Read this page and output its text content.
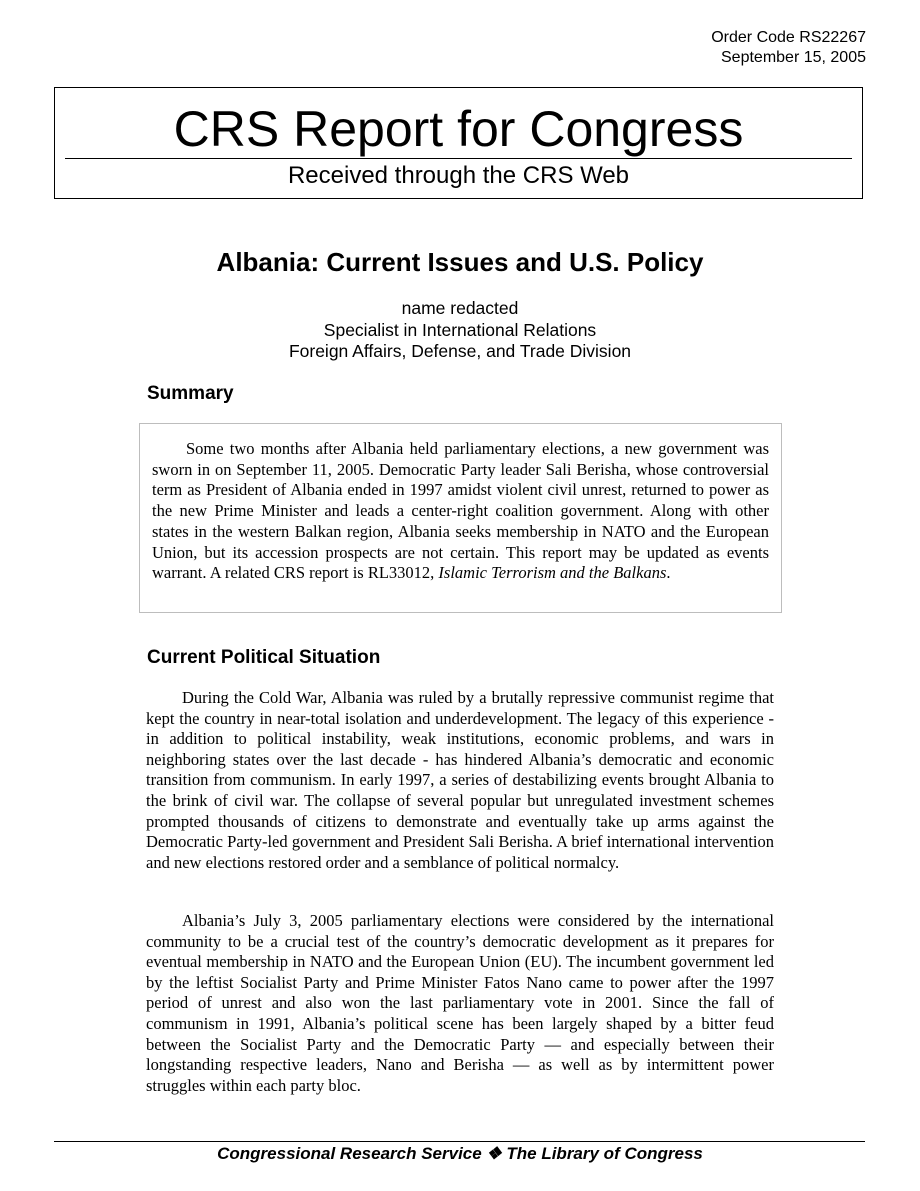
Order Code RS22267
September 15, 2005
CRS Report for Congress
Received through the CRS Web
Albania: Current Issues and U.S. Policy
name redacted
Specialist in International Relations
Foreign Affairs, Defense, and Trade Division
Summary

Some two months after Albania held parliamentary elections, a new government was sworn in on September 11, 2005. Democratic Party leader Sali Berisha, whose controversial term as President of Albania ended in 1997 amidst violent civil unrest, returned to power as the new Prime Minister and leads a center-right coalition government. Along with other states in the western Balkan region, Albania seeks membership in NATO and the European Union, but its accession prospects are not certain. This report may be updated as events warrant. A related CRS report is RL33012, Islamic Terrorism and the Balkans.

Current Political Situation

During the Cold War, Albania was ruled by a brutally repressive communist regime that kept the country in near-total isolation and underdevelopment. The legacy of this experience - in addition to political instability, weak institutions, economic problems, and wars in neighboring states over the last decade - has hindered Albania’s democratic and economic transition from communism. In early 1997, a series of destabilizing events brought Albania to the brink of civil war. The collapse of several popular but unregulated investment schemes prompted thousands of citizens to demonstrate and eventually take up arms against the Democratic Party-led government and President Sali Berisha. A brief international intervention and new elections restored order and a semblance of political normalcy.

Albania’s July 3, 2005 parliamentary elections were considered by the international community to be a crucial test of the country’s democratic development as it prepares for eventual membership in NATO and the European Union (EU). The incumbent government led by the leftist Socialist Party and Prime Minister Fatos Nano came to power after the 1997 period of unrest and also won the last parliamentary vote in 2001. Since the fall of communism in 1991, Albania’s political scene has been largely shaped by a bitter feud between the Socialist Party and the Democratic Party — and especially between their longstanding respective leaders, Nano and Berisha — as well as by intermittent power struggles within each party bloc.

Congressional Research Service ❖ The Library of Congress
